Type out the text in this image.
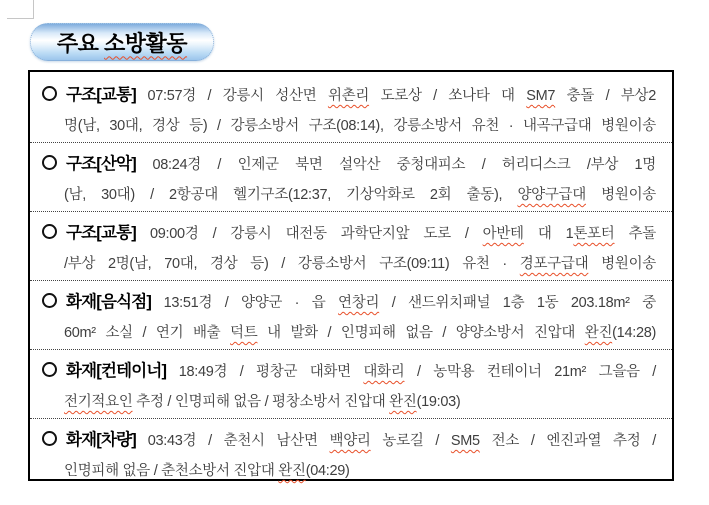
주요 소방활동
구조[교통] 07:57경 / 강릉시 성산면 위촌리 도로상 / 쏘나타 대 SM7 충돌 / 부상2
명(남, 30대, 경상 등) / 강릉소방서 구조(08:14), 강릉소방서 유천 · 내곡구급대 병원이송
구조[산악] 08:24경 / 인제군 북면 설악산 중청대피소 / 허리디스크 /부상 1명
(남, 30대) / 2항공대 헬기구조(12:37, 기상악화로 2회 출동), 양양구급대 병원이송
구조[교통] 09:00경 / 강릉시 대전동 과학단지앞 도로 / 아반테 대 1톤포터 추돌
/부상 2명(남, 70대, 경상 등) / 강릉소방서 구조(09:11) 유천 · 경포구급대 병원이송
화재[음식점] 13:51경 / 양양군 · 읍 연창리 / 샌드위치패널 1층 1동 203.18m² 중
60m² 소실 / 연기 배출 덕트 내 발화 / 인명피해 없음 / 양양소방서 진압대 완진(14:28)
화재[컨테이너] 18:49경 / 평창군 대화면 대화리 / 농막용 컨테이너 21m² 그을음 /
전기적요인 추정 / 인명피해 없음 / 평창소방서 진압대 완진(19:03)
화재[차량] 03:43경 / 춘천시 남산면 백양리 농로길 / SM5 전소 / 엔진과열 추정 /
인명피해 없음 / 춘천소방서 진압대 완진(04:29)
